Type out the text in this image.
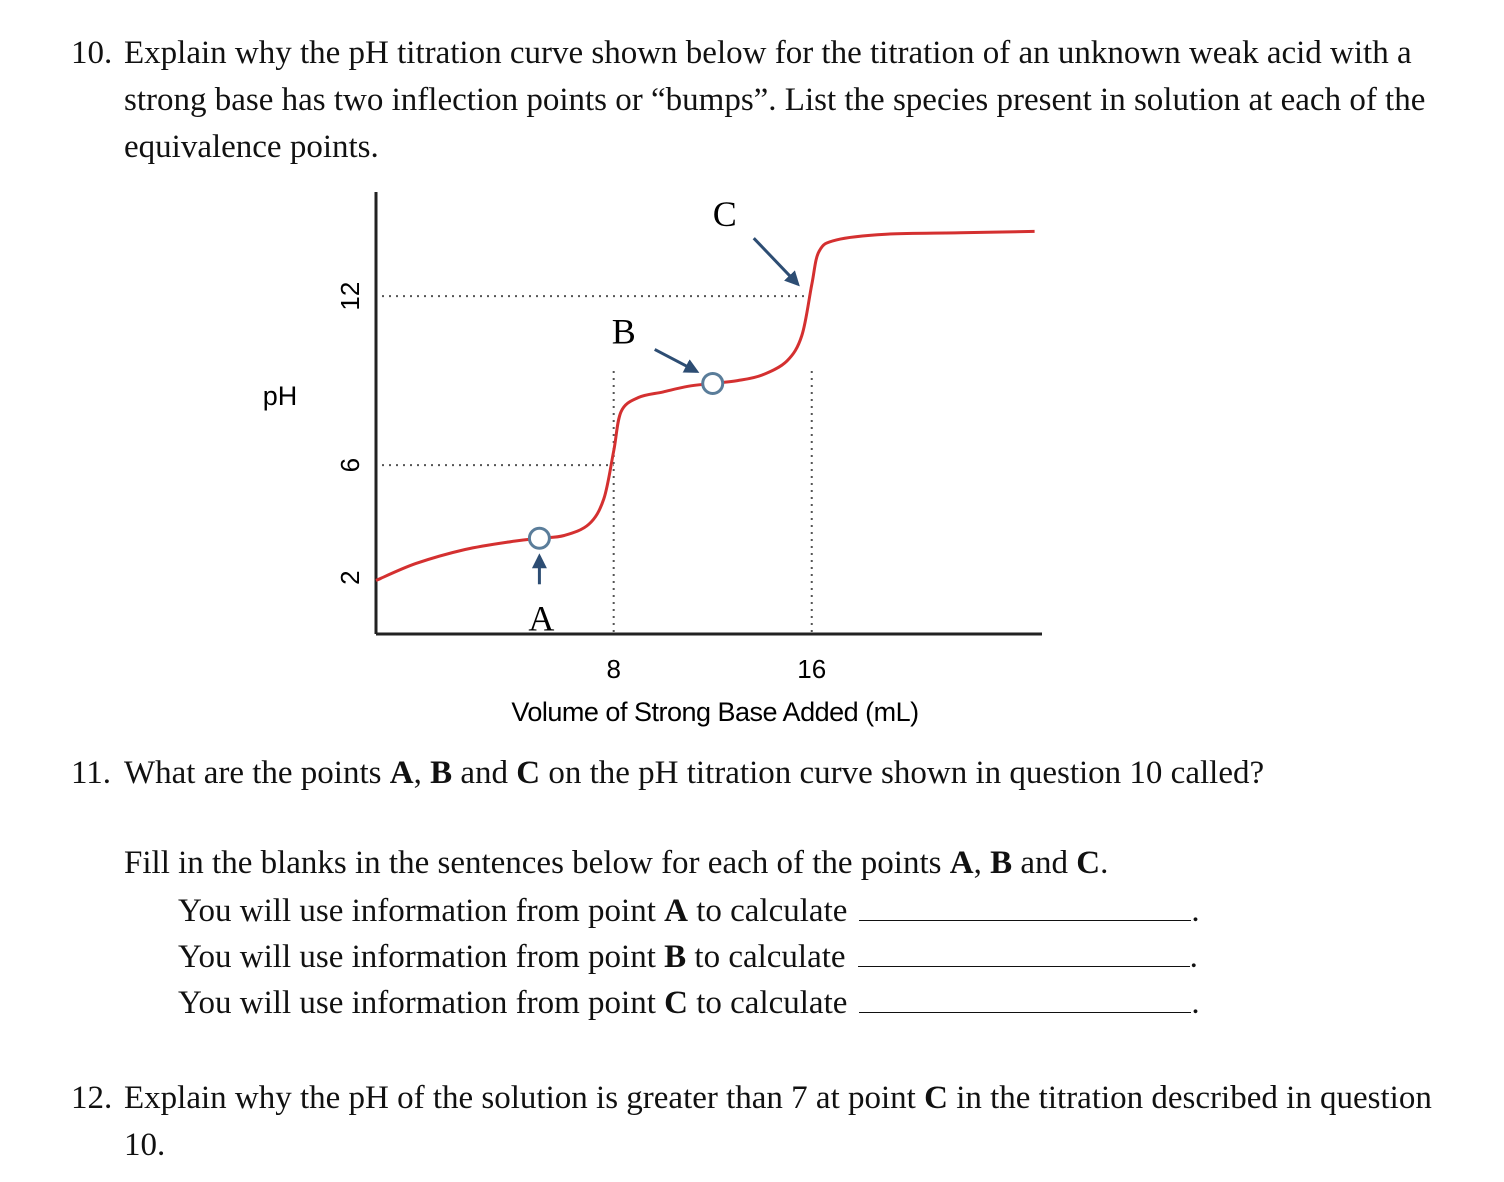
10. Explain why the pH titration curve shown below for the titration of an unknown weak acid with a strong base has two inflection points or “bumps”. List the species present in solution at each of the equivalence points.
2
6
12
8	16
A
B
C
pH
Volume of Strong Base Added (mL)
11. What are the points A, B and C on the pH titration curve shown in question 10 called?
Fill in the blanks in the sentences below for each of the points A, B and C.
You will use information from point A to calculate	.
You will use information from point B to calculate	.
You will use information from point C to calculate	.
12. Explain why the pH of the solution is greater than 7 at point C in the titration described in question 10.
